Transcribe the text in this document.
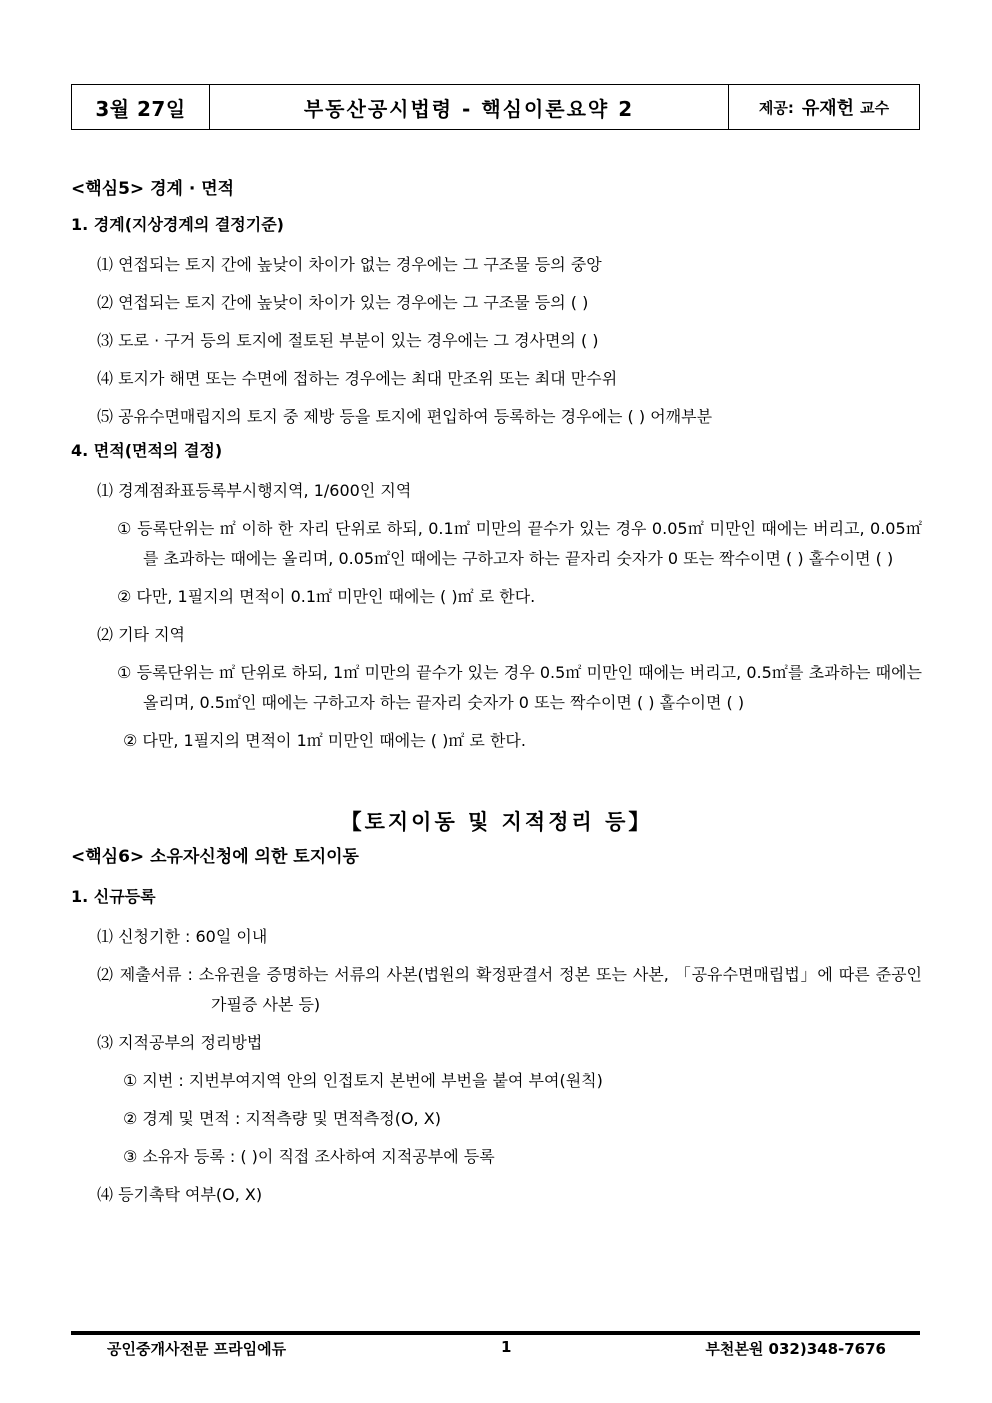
3월 27일	부동산공시법령 - 핵심이론요약 2	제공: 유재헌 교수
<핵심5> 경계 · 면적
1. 경계(지상경계의 결정기준)
⑴ 연접되는 토지 간에 높낮이 차이가 없는 경우에는 그 구조물 등의 중앙
⑵ 연접되는 토지 간에 높낮이 차이가 있는 경우에는 그 구조물 등의 ( )
⑶ 도로 · 구거 등의 토지에 절토된 부분이 있는 경우에는 그 경사면의 ( )
⑷ 토지가 해면 또는 수면에 접하는 경우에는 최대 만조위 또는 최대 만수위
⑸ 공유수면매립지의 토지 중 제방 등을 토지에 편입하여 등록하는 경우에는 ( ) 어깨부분
4. 면적(면적의 결정)
⑴ 경계점좌표등록부시행지역, 1/600인 지역
① 등록단위는 ㎡ 이하 한 자리 단위로 하되, 0.1㎡ 미만의 끝수가 있는 경우 0.05㎡ 미만인 때에는 버리고, 0.05㎡를 초과하는 때에는 올리며, 0.05㎡인 때에는 구하고자 하는 끝자리 숫자가 0 또는 짝수이면 ( ) 홀수이면 ( )
② 다만, 1필지의 면적이 0.1㎡ 미만인 때에는 ( )㎡ 로 한다.
⑵ 기타 지역
① 등록단위는 ㎡ 단위로 하되, 1㎡ 미만의 끝수가 있는 경우 0.5㎡ 미만인 때에는 버리고, 0.5㎡를 초과하는 때에는 올리며, 0.5㎡인 때에는 구하고자 하는 끝자리 숫자가 0 또는 짝수이면 ( ) 홀수이면 ( )
② 다만, 1필지의 면적이 1㎡ 미만인 때에는 ( )㎡ 로 한다.
【토지이동 및 지적정리 등】
<핵심6> 소유자신청에 의한 토지이동
1. 신규등록
⑴ 신청기한 : 60일 이내
⑵ 제출서류 : 소유권을 증명하는 서류의 사본(법원의 확정판결서 정본 또는 사본, 「공유수면매립법」에 따른 준공인가필증 사본 등)
⑶ 지적공부의 정리방법
① 지번 : 지번부여지역 안의 인접토지 본번에 부번을 붙여 부여(원칙)
② 경계 및 면적 : 지적측량 및 면적측정(O, X)
③ 소유자 등록 : ( )이 직접 조사하여 지적공부에 등록
⑷ 등기촉탁 여부(O, X)
공인중개사전문 프라임에듀	1	부천본원 032)348-7676
